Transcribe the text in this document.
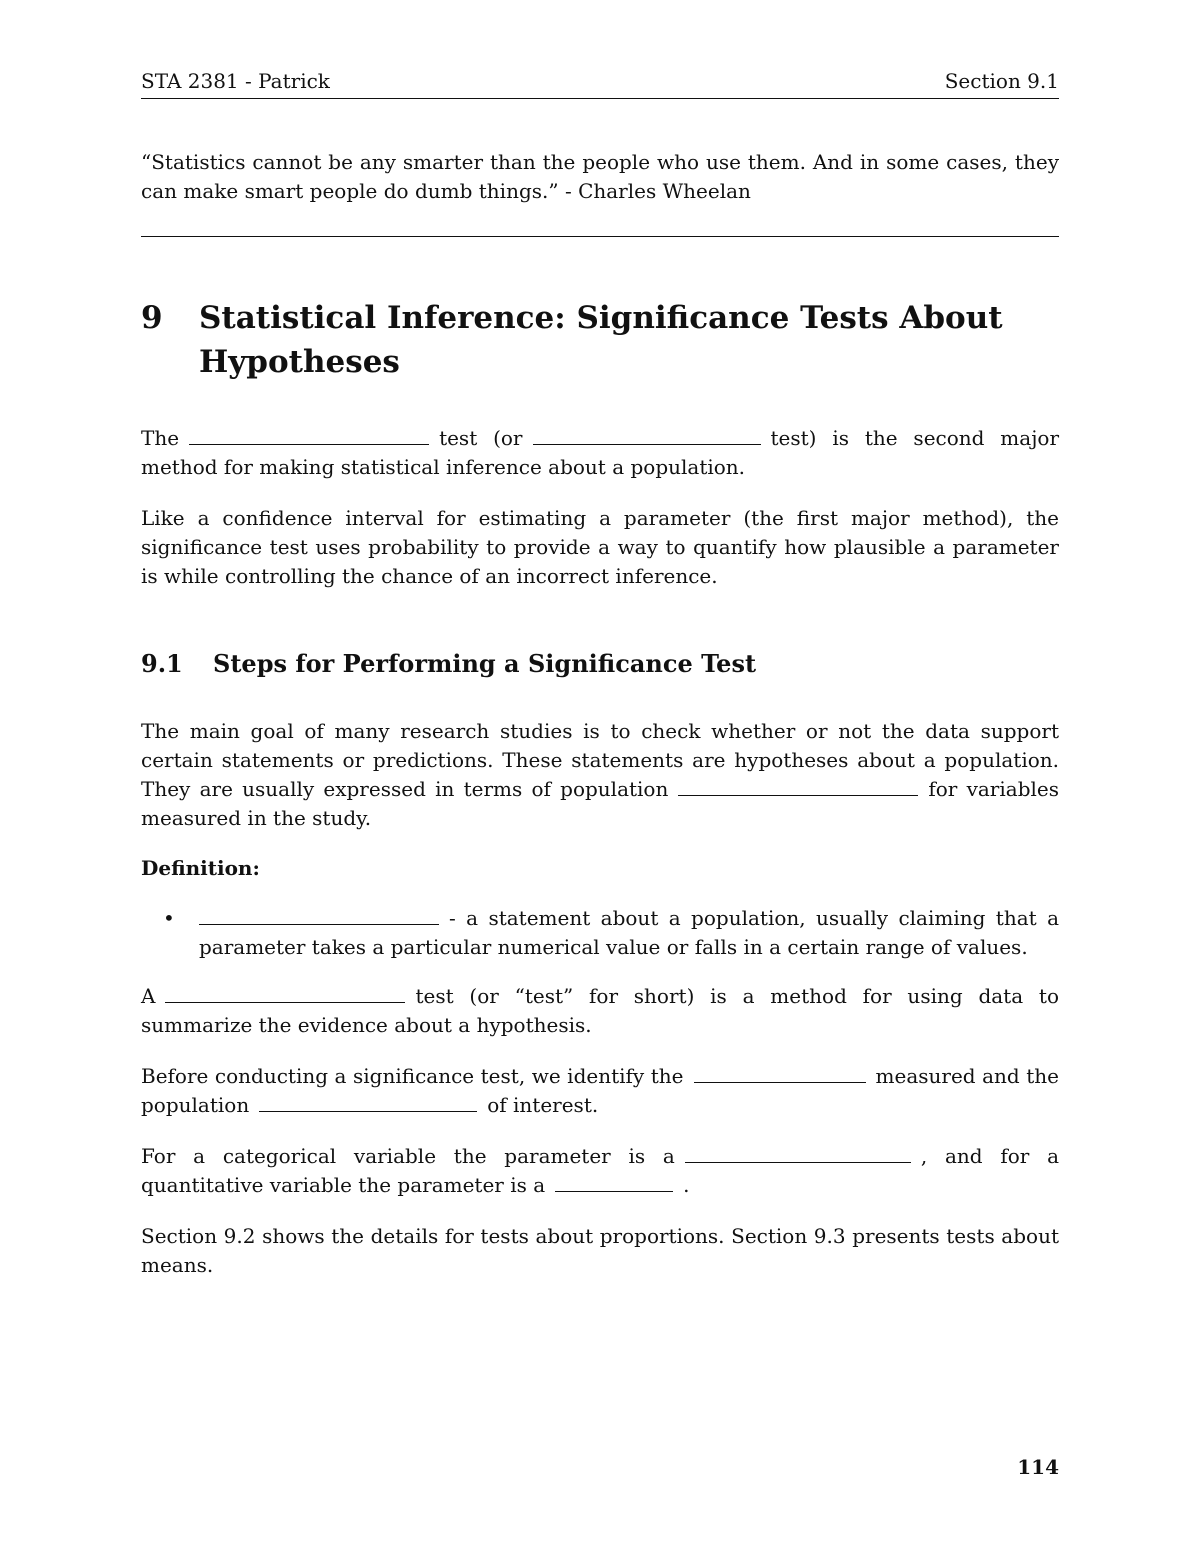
STA 2381 - Patrick	Section 9.1
“Statistics cannot be any smarter than the people who use them. And in some cases, they can make smart people do dumb things.” - Charles Wheelan
9	Statistical Inference: Significance Tests About Hypotheses

The	test (or	test) is the second major method for making statistical inference about a population.

Like a confidence interval for estimating a parameter (the first major method), the significance test uses probability to provide a way to quantify how plausible a parameter is while controlling the chance of an incorrect inference.

9.1	Steps for Performing a Significance Test

The main goal of many research studies is to check whether or not the data support certain statements or predictions. These statements are hypotheses about a population. They are usually expressed in terms of population	for variables measured in the study.

Definition:
•	- a statement about a population, usually claiming that a parameter takes a particular numerical value or falls in a certain range of values.

A	test (or “test” for short) is a method for using data to summarize the evidence about a hypothesis.

Before conducting a significance test, we identify the	measured and the population	of interest.

For a categorical variable the parameter is a	, and for a quantitative variable the parameter is a	.

Section 9.2 shows the details for tests about proportions. Section 9.3 presents tests about means.

114
